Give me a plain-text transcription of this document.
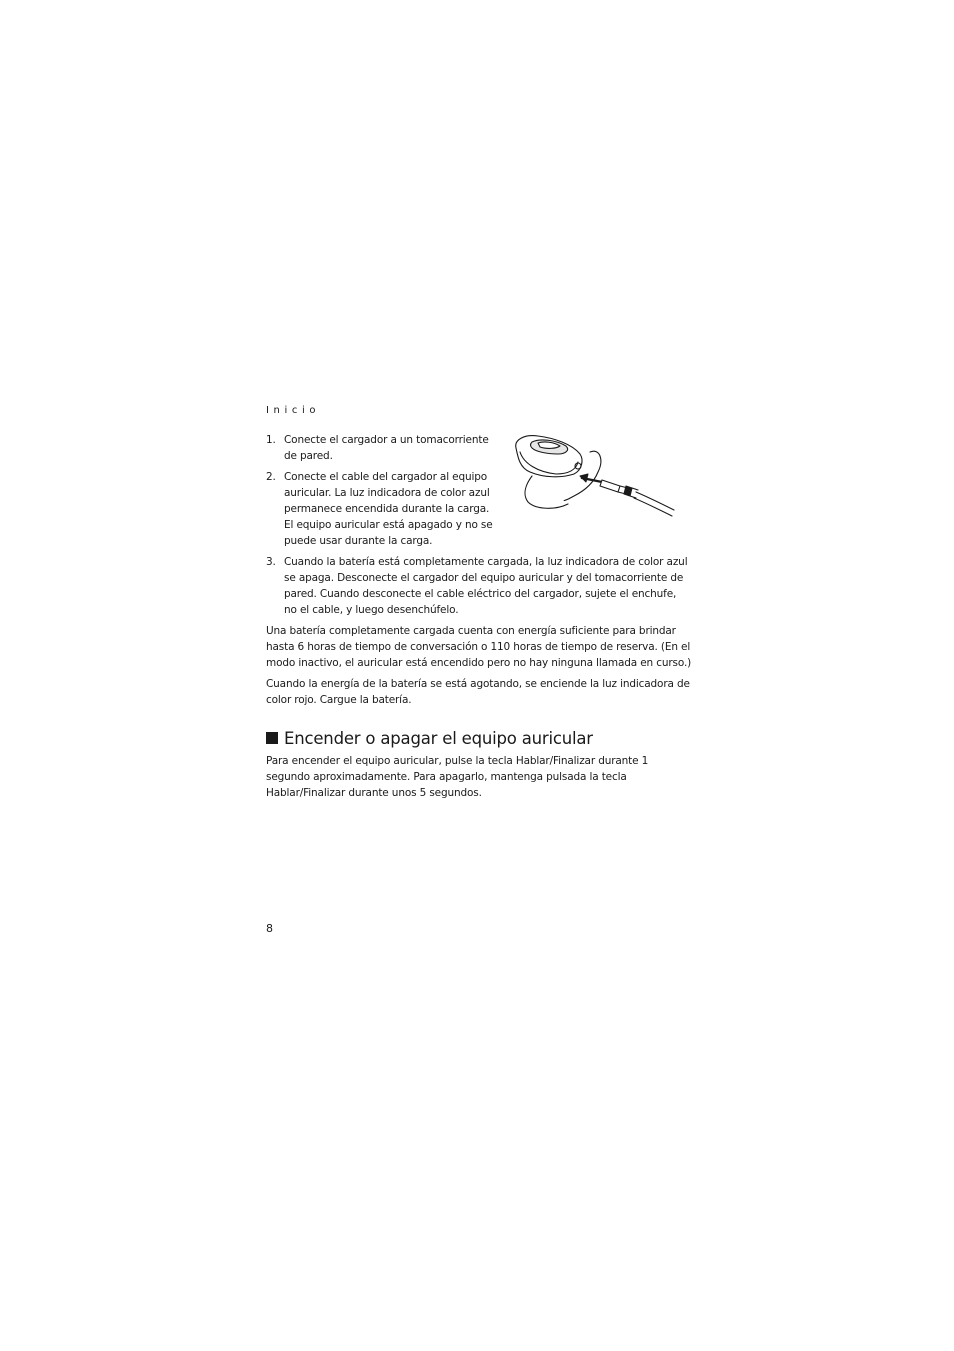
Inicio
1. Conecte el cargador a un tomacorriente
de pared.
2. Conecte el cable del cargador al equipo
auricular. La luz indicadora de color azul
permanece encendida durante la carga.
El equipo auricular está apagado y no se
puede usar durante la carga.
3. Cuando la batería está completamente cargada, la luz indicadora de color azul
se apaga. Desconecte el cargador del equipo auricular y del tomacorriente de
pared. Cuando desconecte el cable eléctrico del cargador, sujete el enchufe,
no el cable, y luego desenchúfelo.

Una batería completamente cargada cuenta con energía suficiente para brindar
hasta 6 horas de tiempo de conversación o 110 horas de tiempo de reserva. (En el
modo inactivo, el auricular está encendido pero no hay ninguna llamada en curso.)

Cuando la energía de la batería se está agotando, se enciende la luz indicadora de
color rojo. Cargue la batería.

Encender o apagar el equipo auricular

Para encender el equipo auricular, pulse la tecla Hablar/Finalizar durante 1
segundo aproximadamente. Para apagarlo, mantenga pulsada la tecla
Hablar/Finalizar durante unos 5 segundos.

8
